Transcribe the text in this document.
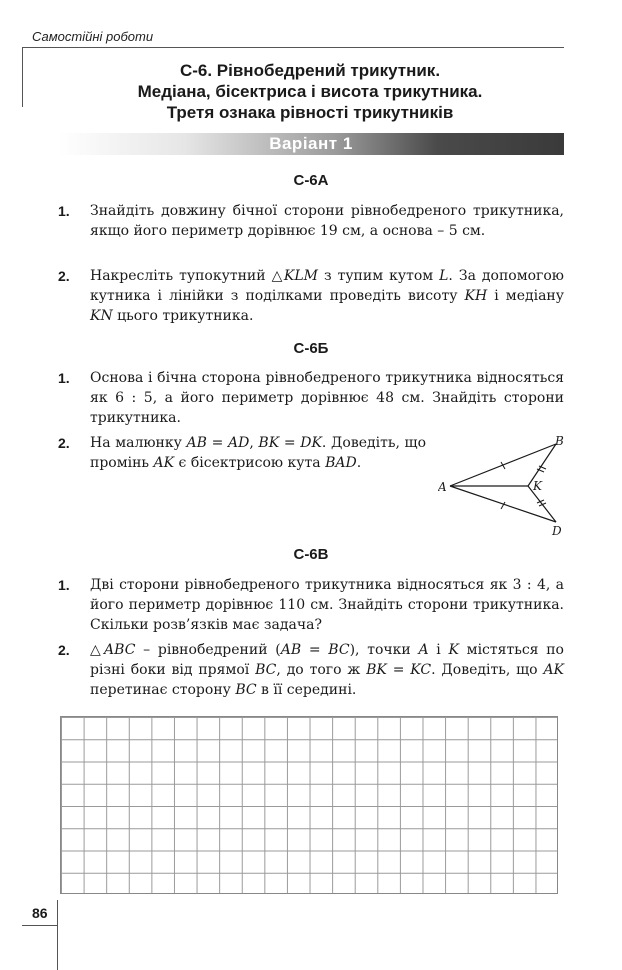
Самостійні роботи
С-6. Рівнобедрений трикутник.
Медіана, бісектриса і висота трикутника.
Третя ознака рівності трикутників
Варіант 1
С-6А
1. Знайдіть довжину бічної сторони рівнобедреного трикутника, якщо його периметр дорівнює 19 см, а основа – 5 см.
2. Накресліть тупокутний △KLM з тупим кутом L. За допомогою кутника і лінійки з поділками проведіть висоту KH і медіану KN цього трикутника.
С-6Б
1. Основа і бічна сторона рівнобедреного трикутника відносяться як 6 : 5, а його периметр дорівнює 48 см. Знайдіть сторони трикутника.
2. На малюнку AB = AD, BK = DK. Доведіть, що промінь AK є бісектрисою кута BAD.
A
B
K
D
С-6В
1. Дві сторони рівнобедреного трикутника відносяться як 3 : 4, а його периметр дорівнює 110 см. Знайдіть сторони трикутника. Скільки розв’язків має задача?
2. △ABC – рівнобедрений (AB = BC), точки A і K містяться по різні боки від прямої BC, до того ж BK = KC. Доведіть, що AK перетинає сторону BC в її середині.
86
